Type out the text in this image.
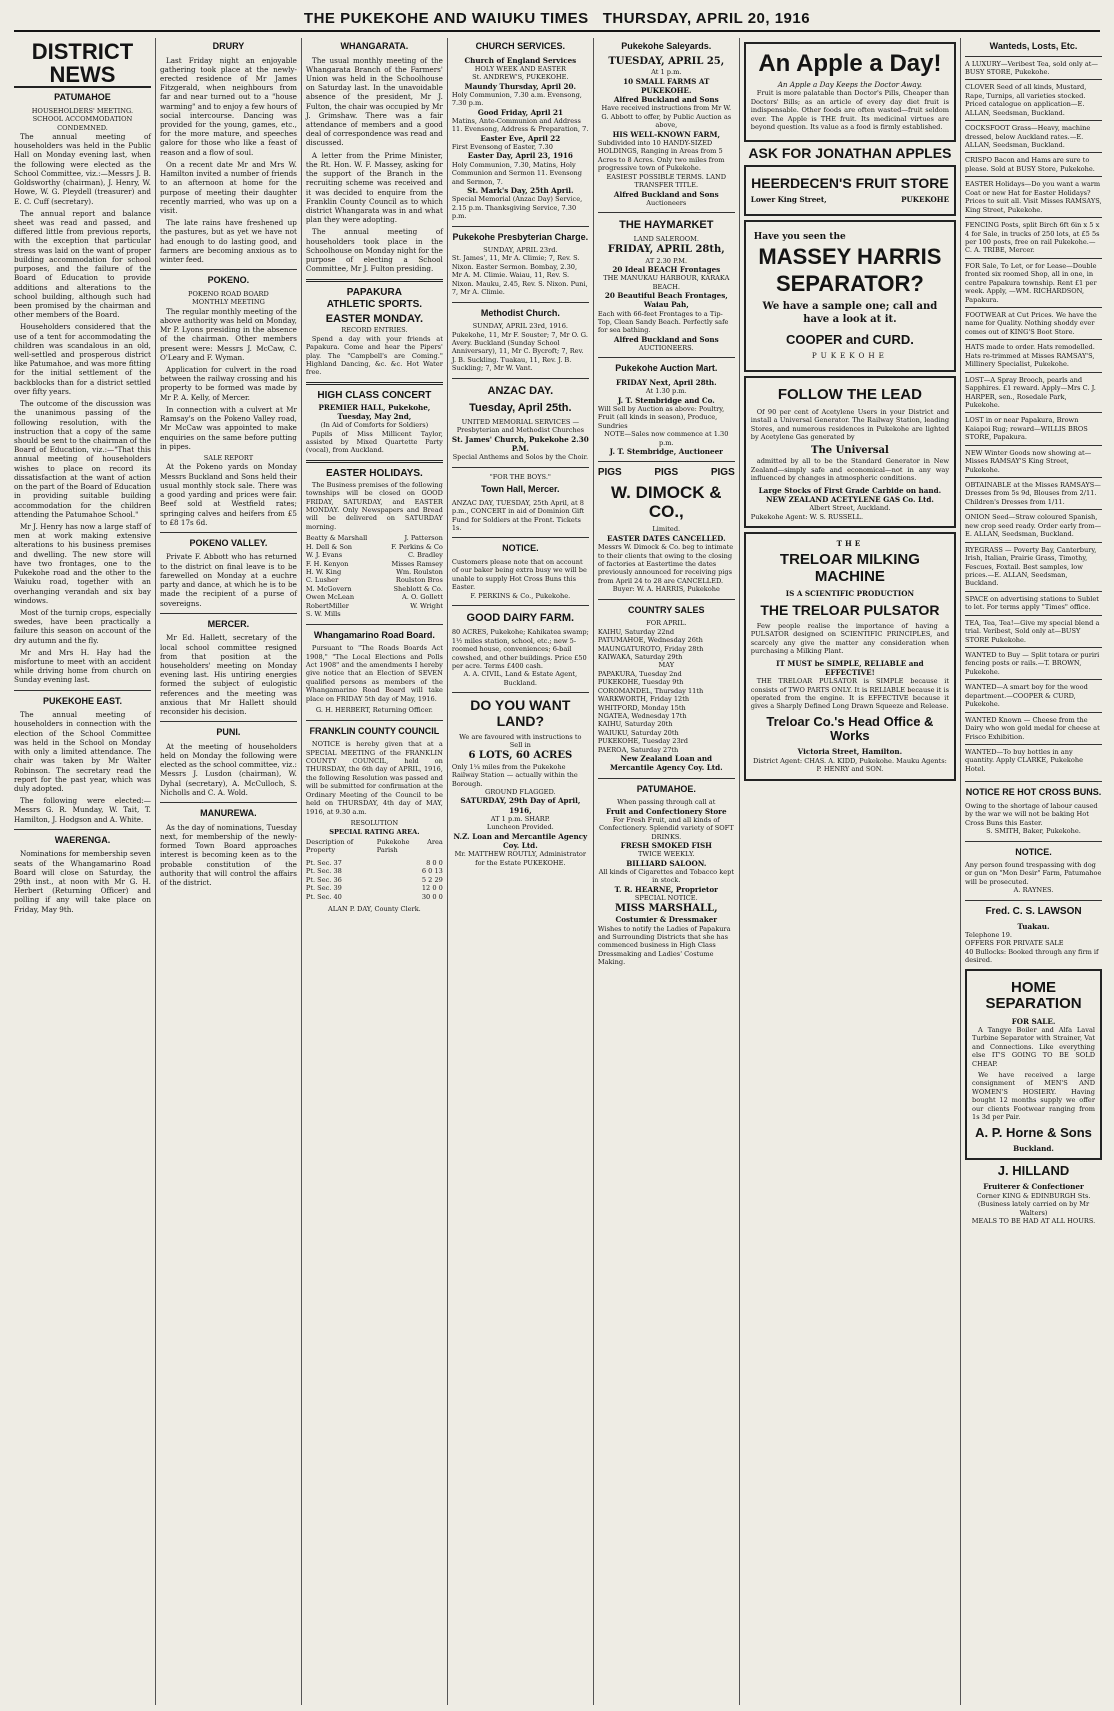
THE PUKEKOHE AND WAIUKU TIMES THURSDAY, APRIL 20, 1916
DISTRICT NEWS
PATUMAHOE
HOUSEHOLDERS' MEETING.
SCHOOL ACCOMMODATION CONDEMNED.

The annual meeting of householders was held in the Public Hall on Monday evening last, when the following were elected as the School Committee, viz.:—Messrs J. B. Goldsworthy (chairman), J. Henry, W. Howe, W. G. Pleydell (treasurer) and E. C. Cuff (secretary).

The annual report and balance sheet was read and passed, and differed little from previous reports, with the exception that particular stress was laid on the want of proper building accommodation for school purposes, and the failure of the Board of Education to provide additions and alterations to the school building, although such had been promised by the chairman and other members of the Board.

Householders considered that the use of a tent for accommodating the children was scandalous in an old, well-settled and prosperous district like Patumahoe, and was more fitting for the initial settlement of the backblocks than for a district settled over fifty years.

The outcome of the discussion was the unanimous passing of the following resolution, with the instruction that a copy of the same should be sent to the chairman of the Board of Education, viz.:—"That this annual meeting of householders wishes to place on record its dissatisfaction at the want of action on the part of the Board of Education in providing suitable building accommodation for the children attending the Patumahoe School."

Mr J. Henry has now a large staff of men at work making extensive alterations to his business premises and dwelling. The new store will have two frontages, one to the Pukekohe road and the other to the Waiuku road, together with an overhanging verandah and six bay windows.

Most of the turnip crops, especially swedes, have been practically a failure this season on account of the dry autumn and the fly.

Mr and Mrs H. Hay had the misfortune to meet with an accident while driving home from church on Sunday evening last.

PUKEKOHE EAST.

The annual meeting of householders in connection with the election of the School Committee was held in the School on Monday with only a limited attendance. The chair was taken by Mr Walter Robinson. The secretary read the report for the past year, which was duly adopted.

The following were elected:—Messrs G. R. Munday, W. Tait, T. Hamilton, J. Hodgson and A. White.

WAERENGA.

Nominations for membership seven seats of the Whangamarino Road Board will close on Saturday, the 29th inst., at noon with Mr G. H. Herbert (Returning Officer) and polling if any will take place on Friday, May 9th.

DRURY

Last Friday night an enjoyable gathering took place at the newly-erected residence of Mr James Fitzgerald, when neighbours from far and near turned out to a "house warming" and to enjoy a few hours of social intercourse. Dancing was provided for the young, games, etc., for the more mature, and speeches galore for those who like a feast of reason and a flow of soul.

On a recent date Mr and Mrs W. Hamilton invited a number of friends to an afternoon at home for the purpose of meeting their daughter recently married, who was up on a visit.

The late rains have freshened up the pastures, but as yet we have not had enough to do lasting good, and farmers are becoming anxious as to winter feed.

POKENO.
POKENO ROAD BOARD
MONTHLY MEETING

The regular monthly meeting of the above authority was held on Monday, Mr P. Lyons presiding in the absence of the chairman. Other members present were: Messrs J. McCaw, C. O'Leary and F. Wyman.

Application for culvert in the road between the railway crossing and his property to be formed was made by Mr P. A. Kelly, of Mercer.

In connection with a culvert at Mr Ramsay's on the Pokeno Valley road, Mr McCaw was appointed to make enquiries on the same before putting in pipes.

SALE REPORT

At the Pokeno yards on Monday Messrs Buckland and Sons held their usual monthly stock sale. There was a good yarding and prices were fair. Beef sold at Westfield rates; springing calves and heifers from £5 to £8 17s 6d.

POKENO VALLEY.

Private F. Abbott who has returned to the district on final leave is to be farewelled on Monday at a euchre party and dance, at which he is to be made the recipient of a purse of sovereigns.

MERCER.

Mr Ed. Hallett, secretary of the local school committee resigned from that position at the householders' meeting on Monday evening last. His untiring energies formed the subject of eulogistic references and the meeting was anxious that Mr Hallett should reconsider his decision.

PUNI.

At the meeting of householders held on Monday the following were elected as the school committee, viz.: Messrs J. Lusdon (chairman), W. Dyhal (secretary), A. McCulloch, S. Nicholls and C. A. Wold.

MANUREWA.

As the day of nominations, Tuesday next, for membership of the newly-formed Town Board approaches interest is becoming keen as to the probable constitution of the authority that will control the affairs of the district.

WHANGARATA.

The usual monthly meeting of the Whangarata Branch of the Farmers' Union was held in the Schoolhouse on Saturday last. In the unavoidable absence of the president, Mr J. Fulton, the chair was occupied by Mr J. Grimshaw. There was a fair attendance of members and a good deal of correspondence was read and discussed.

A letter from the Prime Minister, the Rt. Hon. W. F. Massey, asking for the support of the Branch in the recruiting scheme was received and it was decided to enquire from the Franklin County Council as to which district Whangarata was in and what plan they were adopting.

The annual meeting of householders took place in the Schoolhouse on Monday night for the purpose of electing a School Committee, Mr J. Fulton presiding.

PAPAKURA
ATHLETIC SPORTS.
EASTER MONDAY.
RECORD ENTRIES.

Spend a day with your friends at Papakura. Come and hear the Pipers' play. The "Campbell's are Coming." Highland Dancing, &c. &c. Hot Water free.

HIGH CLASS CONCERT
PREMIER HALL, Pukekohe,
Tuesday, May 2nd,
(In Aid of Comforts for Soldiers)

Pupils of Miss Millicent Taylor, assisted by Mixed Quartette Party (vocal), from Auckland.

EASTER HOLIDAYS.

The Business premises of the following townships will be closed on GOOD FRIDAY, SATURDAY, and EASTER MONDAY. Only Newspapers and Bread will be delivered on SATURDAY morning.

Beatty & Marshall	J. Patterson
H. Dell & Son	F. Perkins & Co
W. J. Evans	C. Bradley
F. H. Kenyon	Misses Ramsey
H. W. King	Wm. Roulston
C. Lusher	Roulston Bros
M. McGovern	Sheblott & Co.
Owen McLean	A. O. Gollett
RobertMiller	W. Wright
S. W. Mills
Whangamarino Road Board.

Pursuant to "The Roads Boards Act 1908," "The Local Elections and Polls Act 1908" and the amendments I hereby give notice that an Election of SEVEN qualified persons as members of the Whangamarino Road Board will take place on FRIDAY 5th day of May, 1916.

G. H. HERBERT, Returning Officer.
FRANKLIN COUNTY COUNCIL

NOTICE is hereby given that at a SPECIAL MEETING of the FRANKLIN COUNTY COUNCIL, held on THURSDAY, the 6th day of APRIL, 1916, the following Resolution was passed and will be submitted for confirmation at the Ordinary Meeting of the Council to be held on THURSDAY, 4th day of MAY, 1916, at 9.30 a.m.

RESOLUTION
SPECIAL RATING AREA.
Description of Property
Pukekohe Parish
Area
Pt. Sec. 37	8 0 0
Pt. Sec. 38	6 0 13
Pt. Sec. 36	5 2 29
Pt. Sec. 39	12 0 0
Pt. Sec. 40	30 0 0
ALAN P. DAY, County Clerk.
CHURCH SERVICES.
Church of England Services
HOLY WEEK AND EASTER
St. ANDREW'S, PUKEKOHE.
Maundy Thursday, April 20.
Holy Communion, 7.30 a.m. Evensong, 7.30 p.m.
Good Friday, April 21
Matins, Ante-Communion and Address 11. Evensong, Address & Preparation, 7.
Easter Eve, April 22
First Evensong of Easter, 7.30
Easter Day, April 23, 1916
Holy Communion, 7.30, Matins, Holy Communion and Sermon 11. Evensong and Sermon, 7.
St. Mark's Day, 25th April.
Special Memorial (Anzac Day) Service, 2.15 p.m. Thanksgiving Service, 7.30 p.m.
Pukekohe Presbyterian Charge.
SUNDAY, APRIL 23rd.
St. James', 11, Mr A. Climie; 7, Rev. S. Nixon. Easter Sermon. Bombay, 2.30, Mr A. M. Climie. Waiau, 11, Rev. S. Nixon. Mauku, 2.45, Rev. S. Nixon. Puni, 7, Mr A. Climie.
Methodist Church.
SUNDAY, APRIL 23rd, 1916.
Pukekohe, 11, Mr F. Souster; 7, Mr O. G. Avery. Buckland (Sunday School Anniversary), 11, Mr C. Bycroft; 7, Rev. J. B. Suckling. Tuakau, 11, Rev. J. B. Suckling; 7, Mr W. Vant.
ANZAC DAY.
Tuesday, April 25th.
UNITED MEMORIAL SERVICES — Presbyterian and Methodist Churches
St. James' Church, Pukekohe 2.30 P.M.
Special Anthems and Solos by the Choir.
"FOR THE BOYS."
Town Hall, Mercer.
ANZAC DAY, TUESDAY, 25th April, at 8 p.m., CONCERT in aid of Dominion Gift Fund for Soldiers at the Front. Tickets 1s.
NOTICE.
Customers please note that on account of our baker being extra busy we will be unable to supply Hot Cross Buns this Easter.
F. PERKINS & Co., Pukekohe.
GOOD DAIRY FARM.
80 ACRES, Pukekohe; Kahikatea swamp; 1½ miles station, school, etc.; new 5-roomed house, conveniences; 6-bail cowshed, and other buildings. Price £50 per acre. Terms £400 cash.
A. A. CIVIL, Land & Estate Agent, Buckland.
DO YOU WANT LAND?
We are favoured with instructions to Sell in
6 LOTS, 60 ACRES
Only 1¼ miles from the Pukekohe Railway Station — actually within the Borough.
GROUND FLAGGED.
SATURDAY, 29th Day of April, 1916,
AT 1 p.m. SHARP.
Luncheon Provided.
N.Z. Loan and Mercantile Agency Coy. Ltd.
Mr. MATTHEW ROUTLY, Administrator for the Estate PUKEKOHE.
Pukekohe Saleyards.
TUESDAY, APRIL 25,
At 1 p.m.
10 SMALL FARMS AT PUKEKOHE.
Alfred Buckland and Sons
Have received instructions from Mr W. G. Abbott to offer, by Public Auction as above,
HIS WELL-KNOWN FARM,
Subdivided into 10 HANDY-SIZED HOLDINGS, Ranging in Areas from 5 Acres to 8 Acres. Only two miles from progressive town of Pukekohe.
EASIEST POSSIBLE TERMS. LAND TRANSFER TITLE.
Alfred Buckland and Sons
Auctioneers
THE HAYMARKET
LAND SALEROOM.
FRIDAY, APRIL 28th,
AT 2.30 P.M.
20 Ideal BEACH Frontages
THE MANUKAU HARBOUR, KARAKA BEACH.
20 Beautiful Beach Frontages,
Waiau Pah,
Each with 66-feet Frontages to a Tip-Top, Clean Sandy Beach. Perfectly safe for sea bathing.
Alfred Buckland and Sons
AUCTIONEERS.
Pukekohe Auction Mart.
FRIDAY Next, April 28th.
At 1.30 p.m.
J. T. Stembridge and Co.
Will Sell by Auction as above: Poultry, Fruit (all kinds in season), Produce, Sundries
NOTE—Sales now commence at 1.30 p.m.
J. T. Stembridge, Auctioneer
PIGS	PIGS	PIGS
W. DIMOCK & CO.,
Limited.
EASTER DATES CANCELLED.
Messrs W. Dimock & Co. beg to intimate to their clients that owing to the closing of factories at Eastertime the dates previously announced for receiving pigs from April 24 to 28 are CANCELLED.
Buyer: W. A. HARRIS, Pukekohe
COUNTRY SALES
FOR APRIL.
KAIHU, Saturday 22nd
PATUMAHOE, Wednesday 26th
MAUNGATUROTO, Friday 28th
KAIWAKA, Saturday 29th
MAY
PAPAKURA, Tuesday 2nd
PUKEKOHE, Tuesday 9th
COROMANDEL, Thursday 11th
WARKWORTH, Friday 12th
WHITFORD, Monday 15th
NGATEA, Wednesday 17th
KAIHU, Saturday 20th
WAIUKU, Saturday 20th
PUKEKOHE, Tuesday 23rd
PAEROA, Saturday 27th
New Zealand Loan and Mercantile Agency Coy. Ltd.
PATUMAHOE.
When passing through call at
Fruit and Confectionery Store
For Fresh Fruit, and all kinds of Confectionery. Splendid variety of SOFT DRINKS.
FRESH SMOKED FISH
TWICE WEEKLY.
BILLIARD SALOON.
All kinds of Cigarettes and Tobacco kept in stock.
T. R. HEARNE, Proprietor
SPECIAL NOTICE.
MISS MARSHALL,
Costumier & Dressmaker
Wishes to notify the Ladies of Papakura and Surrounding Districts that she has commenced business in High Class Dressmaking and Ladies' Costume Making.
An Apple a Day!
An Apple a Day Keeps the Doctor Away.

Fruit is more palatable than Doctor's Pills, Cheaper than Doctors' Bills; as an article of every day diet fruit is indispensable. Other foods are often wasted—fruit seldom ever. The Apple is THE fruit. Its medicinal virtues are beyond question. Its value as a food is firmly established.

ASK FOR JONATHAN APPLES
HEERDECEN'S FRUIT STORE
Lower King Street,	PUKEKOHE
Have you seen the
MASSEY HARRIS
SEPARATOR?
We have a sample one; call and have a look at it.
COOPER and CURD.
PUKEKOHE
FOLLOW THE LEAD

Of 90 per cent of Acetylene Users in your District and install a Universal Generator. The Railway Station, leading Stores, and numerous residences in Pukekohe are lighted by Acetylene Gas generated by

The Universal

admitted by all to be the Standard Generator in New Zealand—simply safe and economical—not in any way influenced by changes in atmospheric conditions.

Large Stocks of First Grade Carbide on hand.
NEW ZEALAND ACETYLENE GAS Co. Ltd.
Albert Street, Auckland.
Pukekohe Agent: W. S. RUSSELL.
THE
TRELOAR MILKING MACHINE
IS A SCIENTIFIC PRODUCTION
THE TRELOAR PULSATOR

Few people realise the importance of having a PULSATOR designed on SCIENTIFIC PRINCIPLES, and scarcely any give the matter any consideration when purchasing a Milking Plant.

IT MUST be SIMPLE, RELIABLE and EFFECTIVE!

THE TRELOAR PULSATOR is SIMPLE because it consists of TWO PARTS ONLY. It is RELIABLE because it is operated from the engine. It is EFFECTIVE because it gives a Sharply Defined Long Drawn Squeeze and Release.

Treloar Co.'s Head Office & Works
Victoria Street, Hamilton.
District Agent: CHAS. A. KIDD, Pukekohe. Mauku Agents: P. HENRY and SON.
Wanteds, Losts, Etc.
A LUXURY—Veribest Tea, sold only at—BUSY STORE, Pukekohe.
CLOVER Seed of all kinds, Mustard, Rape, Turnips, all varieties stocked. Priced catalogue on application—E. ALLAN, Seedsman, Buckland.
COCKSFOOT Grass—Heavy, machine dressed, below Auckland rates.—E. ALLAN, Seedsman, Buckland.
CRISPO Bacon and Hams are sure to please. Sold at BUSY Store, Pukekohe.
EASTER Holidays—Do you want a warm Coat or new Hat for Easter Holidays? Prices to suit all. Visit Misses RAMSAYS, King Street, Pukekohe.
FENCING Posts, split Birch 6ft 6in x 5 x 4 for Sale, in trucks of 250 lots, at £5 5s per 100 posts, free on rail Pukekohe.—C. A. TRIBE, Mercer.
FOR Sale, To Let, or for Lease—Double fronted six roomed Shop, all in one, in centre Papakura township. Rent £1 per week. Apply, —WM. RICHARDSON, Papakura.
FOOTWEAR at Cut Prices. We have the name for Quality. Nothing shoddy ever comes out of KING'S Boot Store.
HATS made to order. Hats remodelled. Hats re-trimmed at Misses RAMSAY'S, Millinery Specialist, Pukekohe.
LOST—A Spray Brooch, pearls and Sapphires. £1 reward. Apply—Mrs C. J. HARPER, sen., Rosedale Park, Pukekohe.
LOST in or near Papakura, Brown Kaiapoi Rug; reward—WILLIS BROS STORE, Papakura.
NEW Winter Goods now showing at—Misses RAMSAY'S King Street, Pukekohe.
OBTAINABLE at the Misses RAMSAYS—Dresses from 5s 9d, Blouses from 2/11. Children's Dresses from 1/11.
ONION Seed—Straw coloured Spanish, new crop seed ready. Order early from—E. ALLAN, Seedsman, Buckland.
RYEGRASS — Poverty Bay, Canterbury, Irish, Italian, Prairie Grass, Timothy, Fescues, Foxtail. Best samples, low prices.—E. ALLAN, Seedsman, Buckland.
SPACE on advertising stations to Sublet to let. For terms apply "Times" office.
TEA, Tea, Tea!—Give my special blend a trial. Veribest, Sold only at—BUSY STORE Pukekohe.
WANTED to Buy — Split totara or puriri fencing posts or rails.—T. BROWN, Pukekohe.
WANTED—A smart boy for the wood department.—COOPER & CURD, Pukekohe.
WANTED Known — Cheese from the Dairy who won gold medal for cheese at Frisco Exhibition.
WANTED—To buy bottles in any quantity. Apply CLARKE, Pukekohe Hotel.
NOTICE RE HOT CROSS BUNS.
Owing to the shortage of labour caused by the war we will not be baking Hot Cross Buns this Easter.
S. SMITH, Baker, Pukekohe.
NOTICE.
Any person found trespassing with dog or gun on "Mon Desir" Farm, Patumahoe will be prosecuted.
A. RAYNES.
Fred. C. S. LAWSON
Tuakau.
Telephone 19.
OFFERS FOR PRIVATE SALE
40 Bullocks: Booked through any firm if desired.
HOME SEPARATION
FOR SALE.

A Tangye Boiler and Alfa Laval Turbine Separator with Strainer, Vat and Connections. Like everything else IT'S GOING TO BE SOLD CHEAP.

We have received a large consignment of MEN'S AND WOMEN'S HOSIERY. Having bought 12 months supply we offer our clients Footwear ranging from 1s 3d per Pair.

A. P. Horne & Sons
Buckland.
J. HILLAND
Fruiterer & Confectioner
Corner KING & EDINBURGH Sts.
(Business lately carried on by Mr Walters)
MEALS TO BE HAD AT ALL HOURS.
